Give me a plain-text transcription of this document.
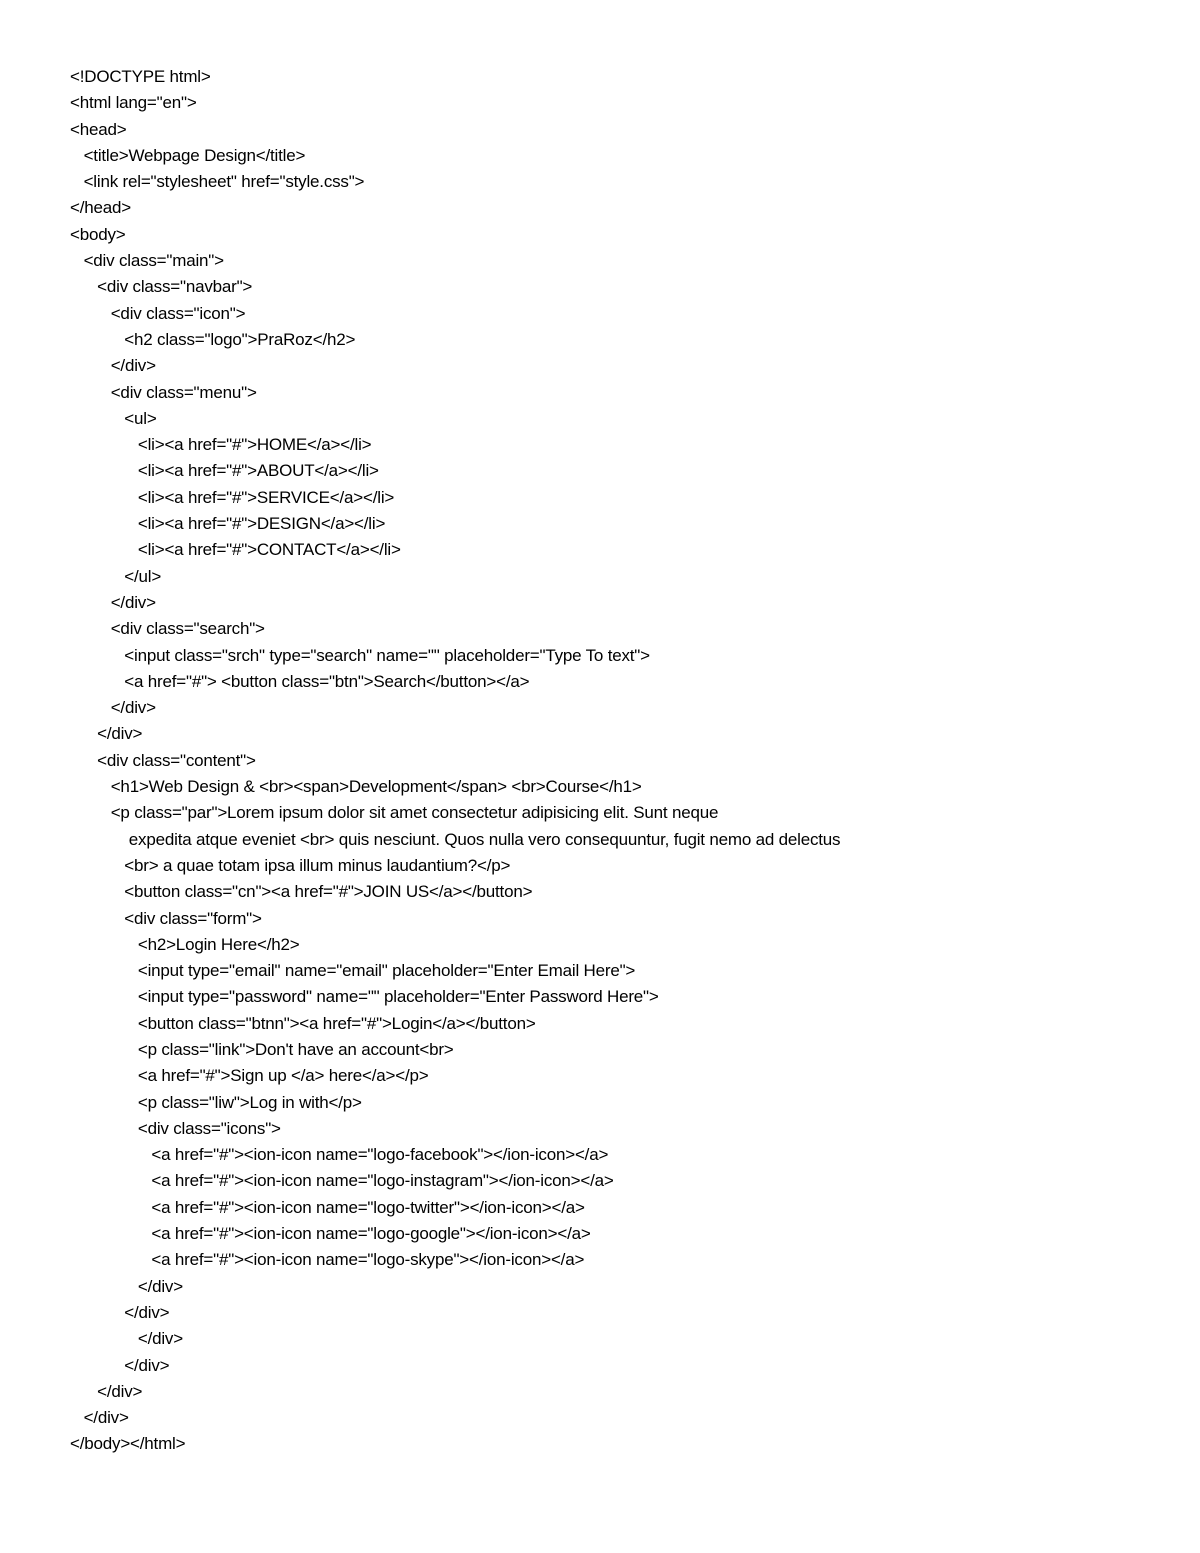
<!DOCTYPE html>
<html lang="en">
<head>
<title>Webpage Design</title>
<link rel="stylesheet" href="style.css">
</head>
<body>
<div class="main">
<div class="navbar">
<div class="icon">
<h2 class="logo">PraRoz</h2>
</div>
<div class="menu">
<ul>
<li><a href="#">HOME</a></li>
<li><a href="#">ABOUT</a></li>
<li><a href="#">SERVICE</a></li>
<li><a href="#">DESIGN</a></li>
<li><a href="#">CONTACT</a></li>
</ul>
</div>
<div class="search">
<input class="srch" type="search" name="" placeholder="Type To text">
<a href="#"> <button class="btn">Search</button></a>
</div>
</div>
<div class="content">
<h1>Web Design & <br><span>Development</span> <br>Course</h1>
<p class="par">Lorem ipsum dolor sit amet consectetur adipisicing elit. Sunt neque
expedita atque eveniet <br> quis nesciunt. Quos nulla vero consequuntur, fugit nemo ad delectus
<br> a quae totam ipsa illum minus laudantium?</p>
<button class="cn"><a href="#">JOIN US</a></button>
<div class="form">
<h2>Login Here</h2>
<input type="email" name="email" placeholder="Enter Email Here">
<input type="password" name="" placeholder="Enter Password Here">
<button class="btnn"><a href="#">Login</a></button>
<p class="link">Don't have an account<br>
<a href="#">Sign up </a> here</a></p>
<p class="liw">Log in with</p>
<div class="icons">
<a href="#"><ion-icon name="logo-facebook"></ion-icon></a>
<a href="#"><ion-icon name="logo-instagram"></ion-icon></a>
<a href="#"><ion-icon name="logo-twitter"></ion-icon></a>
<a href="#"><ion-icon name="logo-google"></ion-icon></a>
<a href="#"><ion-icon name="logo-skype"></ion-icon></a>
</div>
</div>
</div>
</div>
</div>
</div>
</body></html>
